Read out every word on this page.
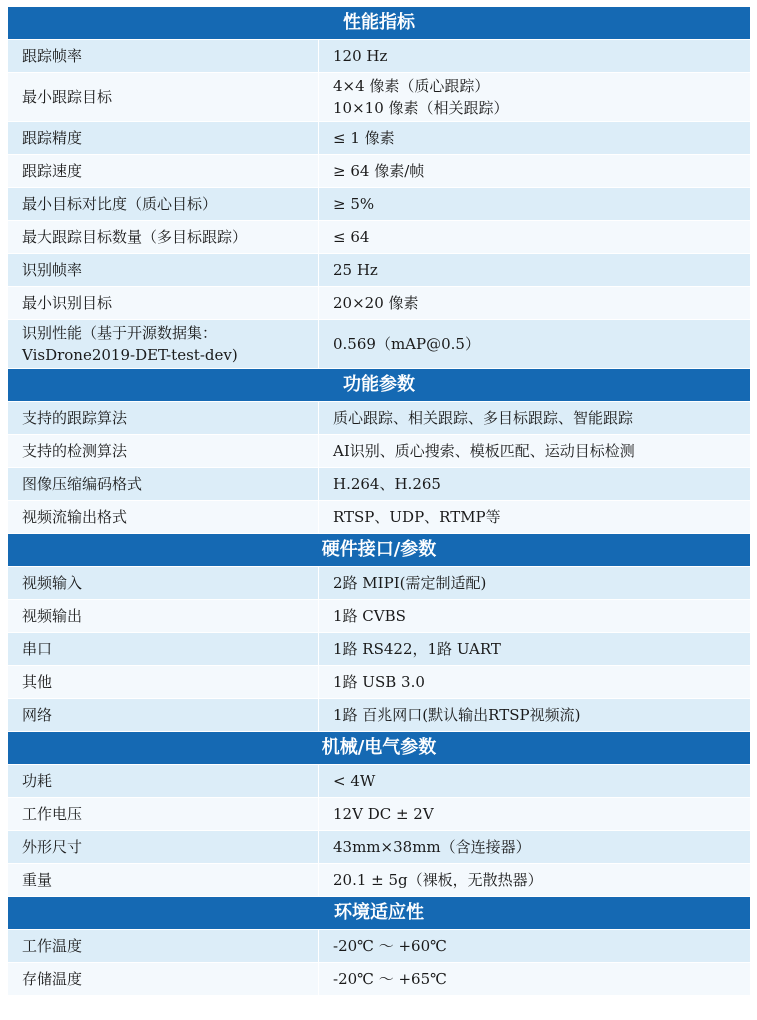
性能指标	

跟踪帧率	120 Hz

最小跟踪目标	4×4 像素（质心跟踪）
10×10 像素（相关跟踪）

跟踪精度	≤ 1 像素

跟踪速度	≥ 64 像素/帧

最小目标对比度（质心目标）	≥ 5%

最大跟踪目标数量（多目标跟踪）	≤ 64

识别帧率	25 Hz

最小识别目标	20×20 像素

识别性能（基于开源数据集：
VisDrone2019-DET-test-dev)	0.569（mAP@0.5）

功能参数	

支持的跟踪算法	质心跟踪、相关跟踪、多目标跟踪、智能跟踪

支持的检测算法	AI识别、质心搜索、模板匹配、运动目标检测

图像压缩编码格式	H.264、H.265

视频流输出格式	RTSP、UDP、RTMP等

硬件接口/参数	

视频输入	2路 MIPI(需定制适配)

视频输出	1路 CVBS

串口	1路 RS422，1路 UART

其他	1路 USB 3.0

网络	1路 百兆网口(默认输出RTSP视频流)

机械/电气参数	

功耗	< 4W

工作电压	12V DC ± 2V

外形尺寸	43mm×38mm（含连接器）

重量	20.1 ± 5g（裸板，无散热器）

环境适应性	

工作温度	-20℃ ～ +60℃

存储温度	-20℃ ～ +65℃
